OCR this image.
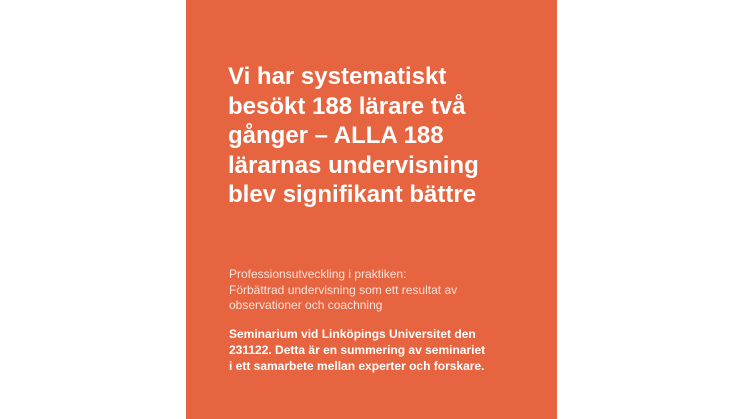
Vi har systematiskt
besökt 188 lärare två
gånger – ALLA 188
lärarnas undervisning
blev signifikant bättre

Professionsutveckling i praktiken:
Förbättrad undervisning som ett resultat av
observationer och coachning

Seminarium vid Linköpings Universitet den
231122. Detta är en summering av seminariet
i ett samarbete mellan experter och forskare.
